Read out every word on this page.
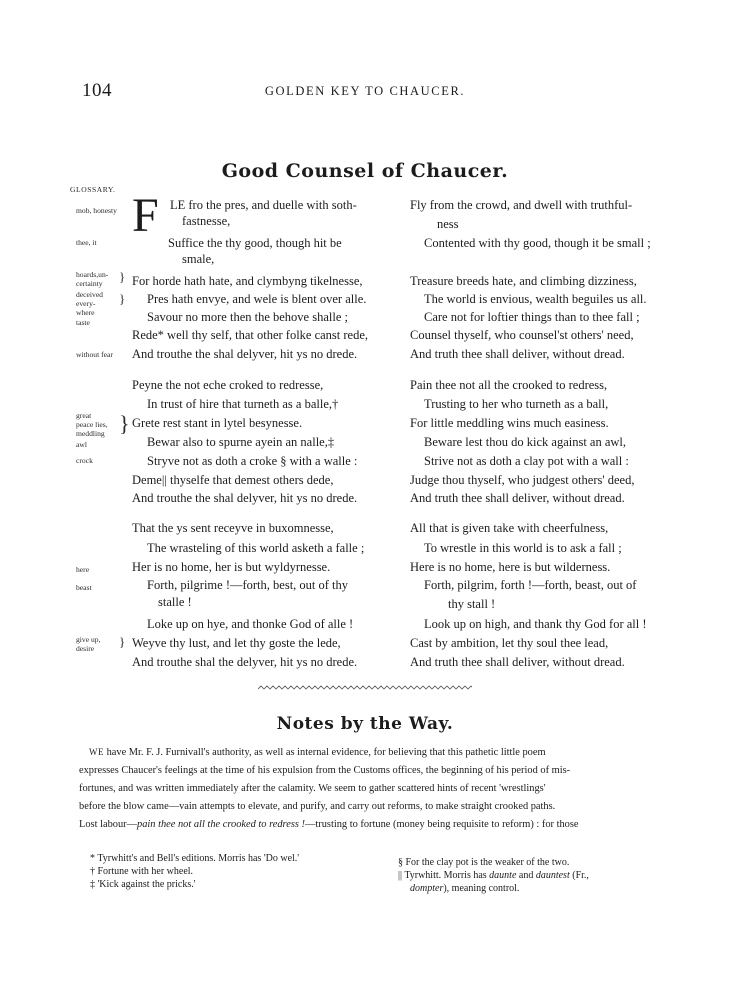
104	GOLDEN KEY TO CHAUCER.
Good Counsel of Chaucer.
GLOSSARY.
mob, honesty
thee, it
hoards,un-
certainty }
deceived
every-
where
}
taste
without fear
great
peace lies,
meddling }
awl
crock
here
beast
give up,
desire }
F LE fro the pres, and duelle with soth-
fastnesse,
Suffice the thy good, though hit be
smale,
For horde hath hate, and clymbyng tikelnesse,
Pres hath envye, and wele is blent over alle.
Savour no more then the behove shalle ;
Rede* well thy self, that other folke canst rede,
And trouthe the shal delyver, hit ys no drede.
Peyne the not eche croked to redresse,
In trust of hire that turneth as a balle,†
Grete rest stant in lytel besynesse.
Bewar also to spurne ayein an nalle,‡
Stryve not as doth a croke § with a walle :
Deme|| thyselfe that demest others dede,
And trouthe the shal delyver, hit ys no drede.
That the ys sent receyve in buxomnesse,
The wrasteling of this world asketh a falle ;
Her is no home, her is but wyldyrnesse.
Forth, pilgrime !—forth, best, out of thy
stalle !
Loke up on hye, and thonke God of alle !
Weyve thy lust, and let thy goste the lede,
And trouthe shal the delyver, hit ys no drede.
Fly from the crowd, and dwell with truthful-
ness
Contented with thy good, though it be small ;
Treasure breeds hate, and climbing dizziness,
The world is envious, wealth beguiles us all.
Care not for loftier things than to thee fall ;
Counsel thyself, who counsel'st others' need,
And truth thee shall deliver, without dread.
Pain thee not all the crooked to redress,
Trusting to her who turneth as a ball,
For little meddling wins much easiness.
Beware lest thou do kick against an awl,
Strive not as doth a clay pot with a wall :
Judge thou thyself, who judgest others' deed,
And truth thee shall deliver, without dread.
All that is given take with cheerfulness,
To wrestle in this world is to ask a fall ;
Here is no home, here is but wilderness.
Forth, pilgrim, forth !—forth, beast, out of
thy stall !
Look up on high, and thank thy God for all !
Cast by ambition, let thy soul thee lead,
And truth thee shall deliver, without dread.
Notes by the Way.
WE have Mr. F. J. Furnivall's authority, as well as internal evidence, for believing that this pathetic little poem
expresses Chaucer's feelings at the time of his expulsion from the Customs offices, the beginning of his period of mis-
fortunes, and was written immediately after the calamity. We seem to gather scattered hints of recent 'wrestlings'
before the blow came—vain attempts to elevate, and purify, and carry out reforms, to make straight crooked paths.
Lost labour—pain thee not all the crooked to redress !—trusting to fortune (money being requisite to reform) : for those
* Tyrwhitt's and Bell's editions. Morris has 'Do wel.'
† Fortune with her wheel.
‡ 'Kick against the pricks.'
§ For the clay pot is the weaker of the two.
|| Tyrwhitt. Morris has daunte and dauntest (Fr.,
dompter), meaning control.
